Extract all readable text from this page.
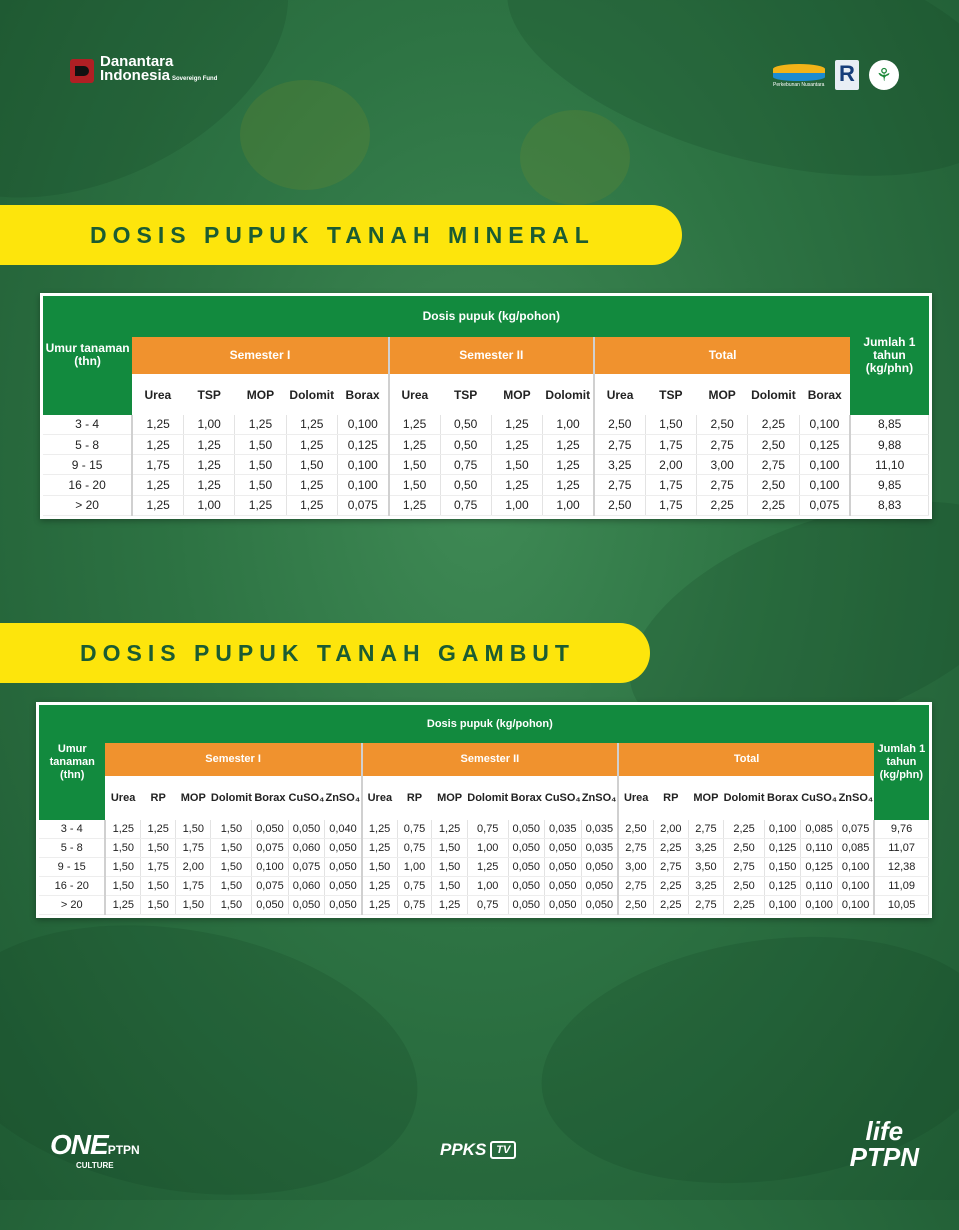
Danantara
Indonesia Sovereign Fund
Perkebunan Nusantara R	⚘
DOSIS PUPUK TANAH MINERAL
Umur tanaman (thn)	Dosis pupuk (kg/pohon)														Jumlah 1 tahun (kg/phn)
	Semester I					Semester II				Total					
	Urea	TSP	MOP	Dolomit	Borax	Urea	TSP	MOP	Dolomit	Urea	TSP	MOP	Dolomit	Borax	
3 - 4	1,25	1,00	1,25	1,25	0,100	1,25	0,50	1,25	1,00	2,50	1,50	2,50	2,25	0,100	8,85
5 - 8	1,25	1,25	1,50	1,25	0,125	1,25	0,50	1,25	1,25	2,75	1,75	2,75	2,50	0,125	9,88
9 - 15	1,75	1,25	1,50	1,50	0,100	1,50	0,75	1,50	1,25	3,25	2,00	3,00	2,75	0,100	11,10
16 - 20	1,25	1,25	1,50	1,25	0,100	1,50	0,50	1,25	1,25	2,75	1,75	2,75	2,50	0,100	9,85
> 20	1,25	1,00	1,25	1,25	0,075	1,25	0,75	1,00	1,00	2,50	1,75	2,25	2,25	0,075	8,83
DOSIS PUPUK TANAH GAMBUT
Umur tanaman (thn)	Dosis pupuk (kg/pohon)																					Jumlah 1 tahun (kg/phn)
	Semester I							Semester II							Total							
	Urea	RP	MOP	Dolomit	Borax	CuSO₄	ZnSO₄	Urea	RP	MOP	Dolomit	Borax	CuSO₄	ZnSO₄	Urea	RP	MOP	Dolomit	Borax	CuSO₄	ZnSO₄	
3 - 4	1,25	1,25	1,50	1,50	0,050	0,050	0,040	1,25	0,75	1,25	0,75	0,050	0,035	0,035	2,50	2,00	2,75	2,25	0,100	0,085	0,075	9,76
5 - 8	1,50	1,50	1,75	1,50	0,075	0,060	0,050	1,25	0,75	1,50	1,00	0,050	0,050	0,035	2,75	2,25	3,25	2,50	0,125	0,110	0,085	11,07
9 - 15	1,50	1,75	2,00	1,50	0,100	0,075	0,050	1,50	1,00	1,50	1,25	0,050	0,050	0,050	3,00	2,75	3,50	2,75	0,150	0,125	0,100	12,38
16 - 20	1,50	1,50	1,75	1,50	0,075	0,060	0,050	1,25	0,75	1,50	1,00	0,050	0,050	0,050	2,75	2,25	3,25	2,50	0,125	0,110	0,100	11,09
> 20	1,25	1,50	1,50	1,50	0,050	0,050	0,050	1,25	0,75	1,25	0,75	0,050	0,050	0,050	2,50	2,25	2,75	2,25	0,100	0,100	0,100	10,05
ONEPTPN
CULTURE
PPKS TV
life
PTPN
